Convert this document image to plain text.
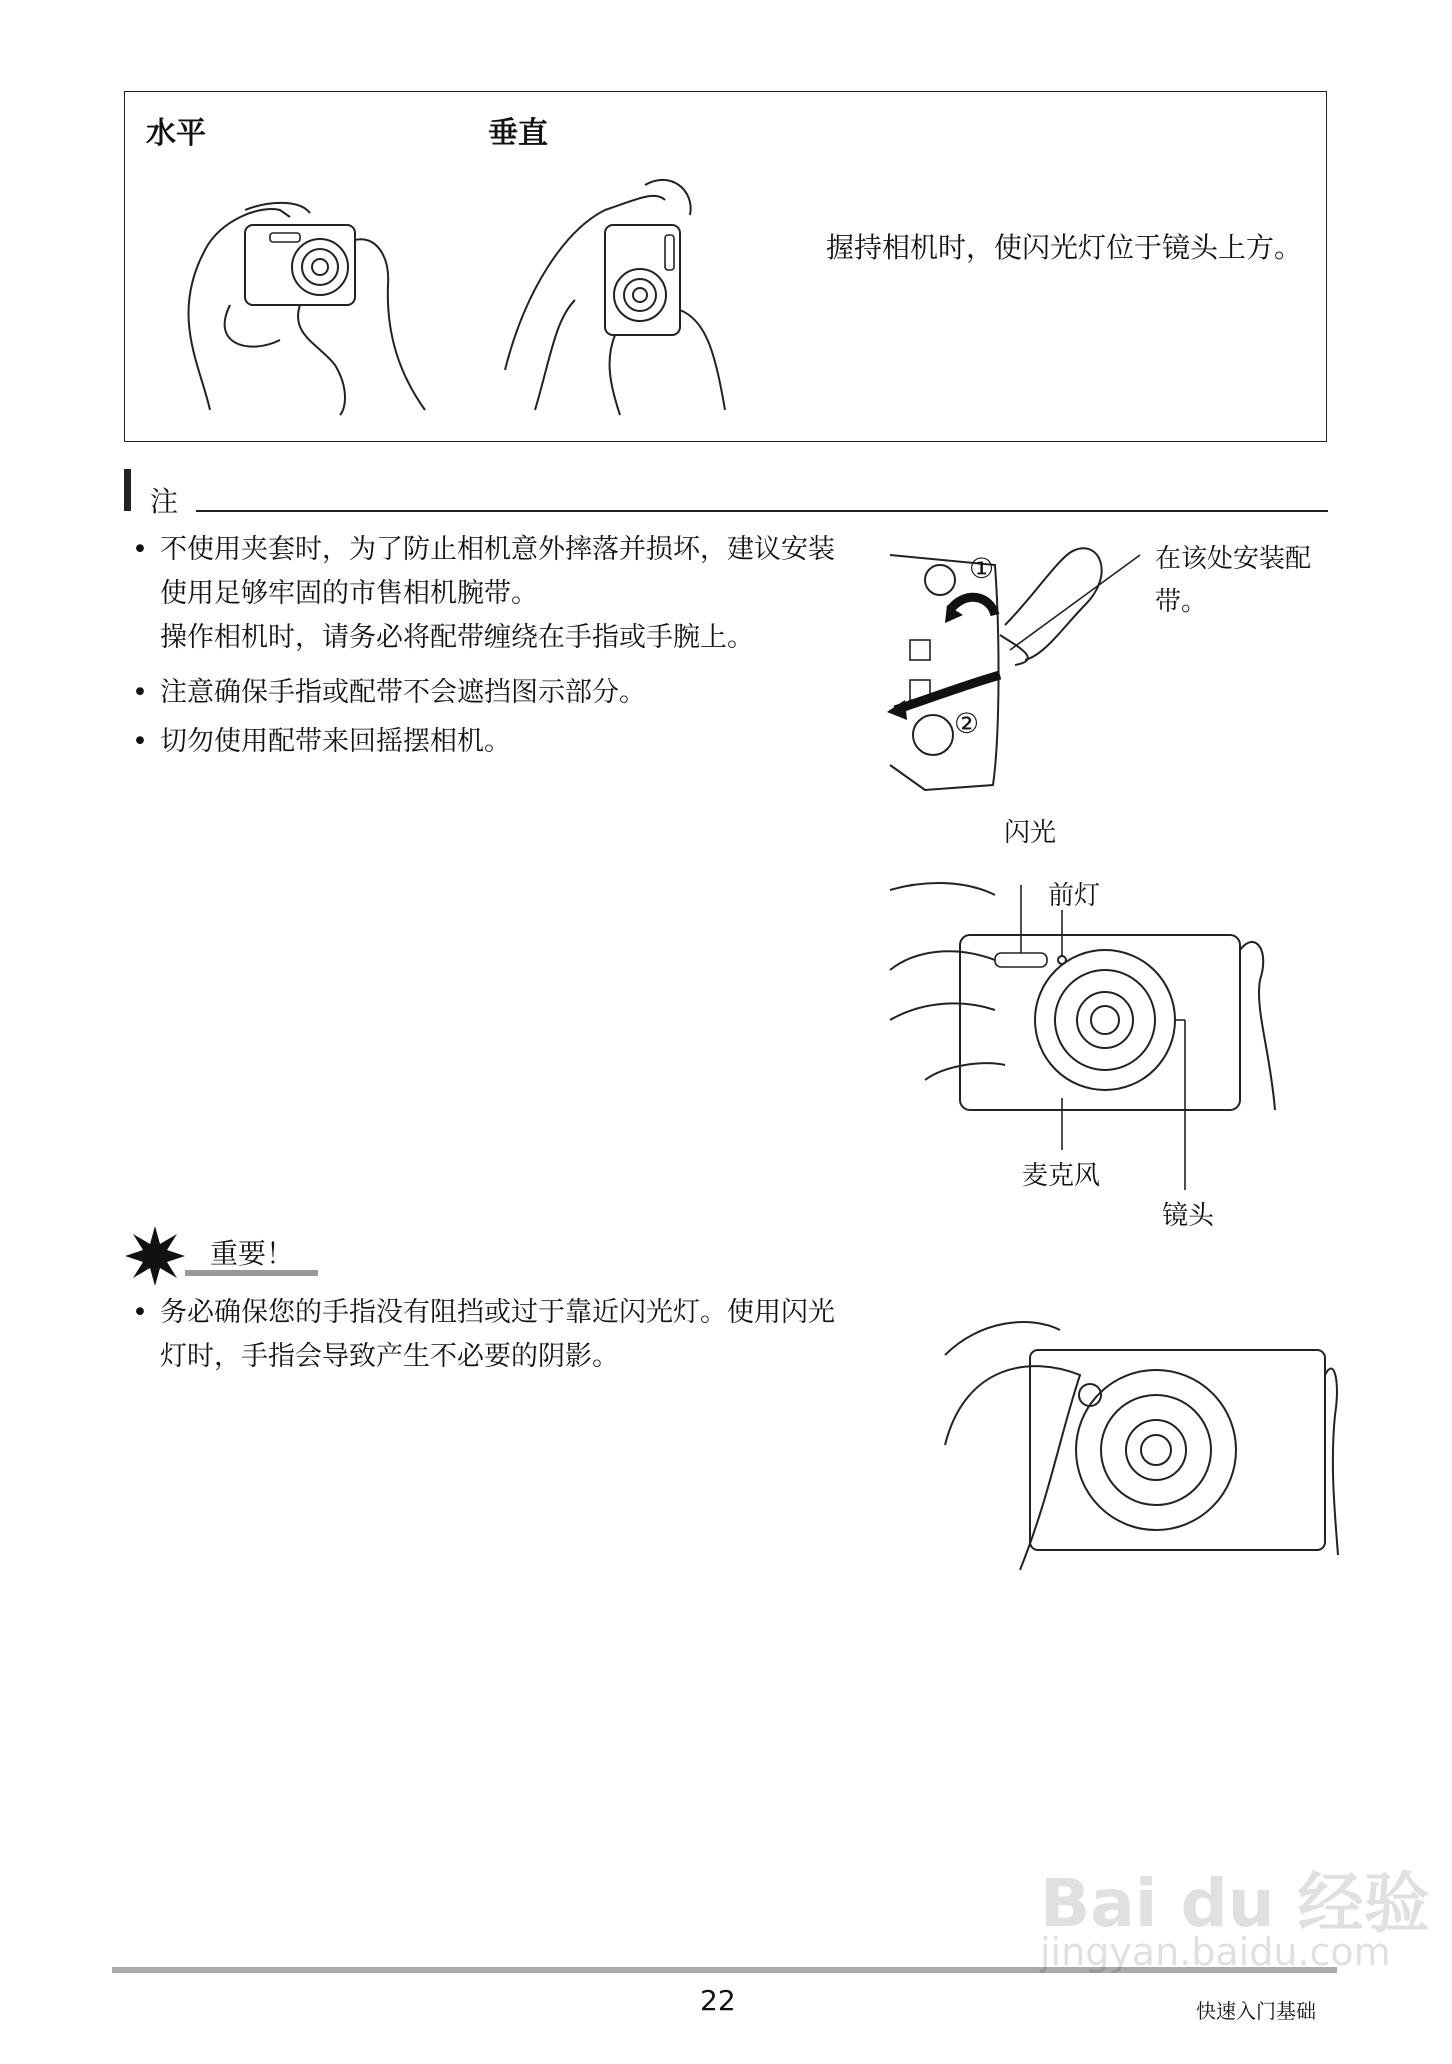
水平	垂直
握持相机时，使闪光灯位于镜头上方。
注
• 不使用夹套时，为了防止相机意外摔落并损坏，建议安装使用足够牢固的市售相机腕带。
操作相机时，请务必将配带缠绕在手指或手腕上。
• 注意确保手指或配带不会遮挡图示部分。
• 切勿使用配带来回摇摆相机。
①
②
在该处安装配带。
闪光
前灯
麦克风
镜头
重要！
• 务必确保您的手指没有阻挡或过于靠近闪光灯。使用闪光灯时，手指会导致产生不必要的阴影。
22	快速入门基础
Bai du 经验
jingyan.baidu.com
